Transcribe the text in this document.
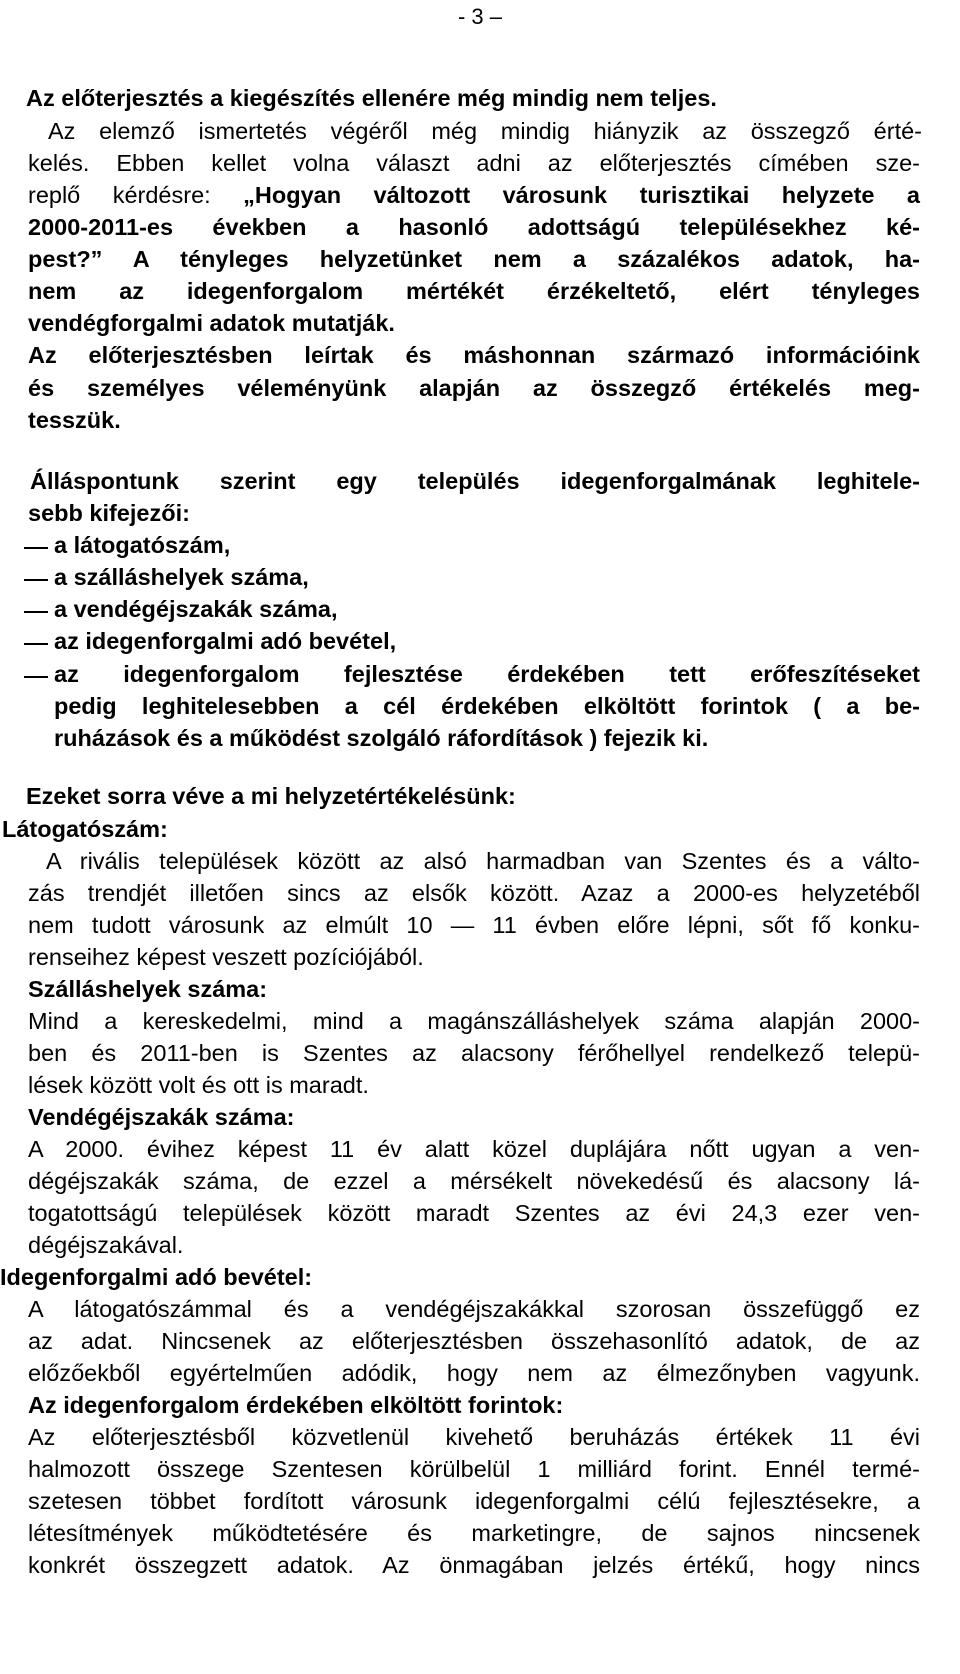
- 3 –
Az előterjesztés a kiegészítés ellenére még mindig nem teljes.
Az elemző ismertetés végéről még mindig hiányzik az összegző érté-
kelés. Ebben kellet volna választ adni az előterjesztés címében sze-
replő kérdésre: „Hogyan változott városunk turisztikai helyzete a
2000-2011-es években a hasonló adottságú településekhez ké-
pest?” A tényleges helyzetünket nem a százalékos adatok, ha-
nem az idegenforgalom mértékét érzékeltető, elért tényleges
vendégforgalmi adatok mutatják.
Az előterjesztésben leírtak és máshonnan származó információink
és személyes véleményünk alapján az összegző értékelés meg-
tesszük.
Álláspontunk szerint egy település idegenforgalmának leghitele-
sebb kifejezői:
a látogatószám,
a szálláshelyek száma,
a vendégéjszakák száma,
az idegenforgalmi adó bevétel,
az idegenforgalom fejlesztése érdekében tett erőfeszítéseket
pedig leghitelesebben a cél érdekében elköltött forintok ( a be-
ruházások és a működést szolgáló ráfordítások ) fejezik ki.
Ezeket sorra véve a mi helyzetértékelésünk:
Látogatószám:
A rivális települések között az alsó harmadban van Szentes és a válto-
zás trendjét illetően sincs az elsők között. Azaz a 2000-es helyzetéből
nem tudott városunk az elmúlt 10 — 11 évben előre lépni, sőt fő konku-
renseihez képest veszett pozíciójából.
Szálláshelyek száma:
Mind a kereskedelmi, mind a magánszálláshelyek száma alapján 2000-
ben és 2011-ben is Szentes az alacsony férőhellyel rendelkező telepü-
lések között volt és ott is maradt.
Vendégéjszakák száma:
A 2000. évihez képest 11 év alatt közel duplájára nőtt ugyan a ven-
dégéjszakák száma, de ezzel a mérsékelt növekedésű és alacsony lá-
togatottságú települések között maradt Szentes az évi 24,3 ezer ven-
dégéjszakával.
Idegenforgalmi adó bevétel:
A látogatószámmal és a vendégéjszakákkal szorosan összefüggő ez
az adat. Nincsenek az előterjesztésben összehasonlító adatok, de az
előzőekből egyértelműen adódik, hogy nem az élmezőnyben vagyunk.
Az idegenforgalom érdekében elköltött forintok:
Az előterjesztésből közvetlenül kivehető beruházás értékek 11 évi
halmozott összege Szentesen körülbelül 1 milliárd forint. Ennél termé-
szetesen többet fordított városunk idegenforgalmi célú fejlesztésekre, a
létesítmények működtetésére és marketingre, de sajnos nincsenek
konkrét összegzett adatok. Az önmagában jelzés értékű, hogy nincs
